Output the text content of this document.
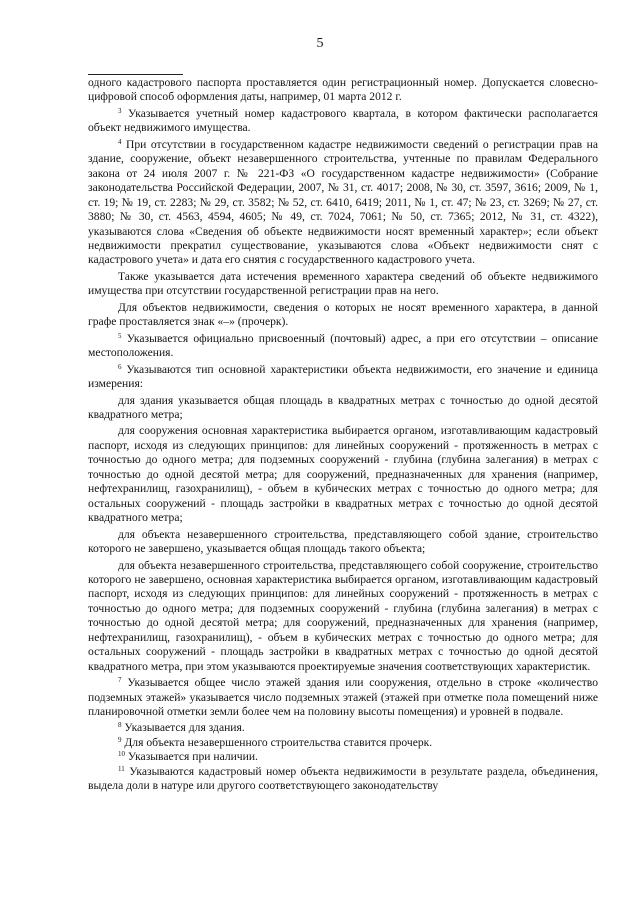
5

одного кадастрового паспорта проставляется один регистрационный номер. Допускается словесно-цифровой способ оформления даты, например, 01 марта 2012 г.

$^3$ Указывается учетный номер кадастрового квартала, в котором фактически располагается объект недвижимого имущества.

$^4$ При отсутствии в государственном кадастре недвижимости сведений о регистрации прав на здание, сооружение, объект незавершенного строительства, учтенные по правилам Федерального закона от 24 июля 2007 г. № 221-ФЗ «О государственном кадастре недвижимости» (Собрание законодательства Российской Федерации, 2007, № 31, ст. 4017; 2008, № 30, ст. 3597, 3616; 2009, № 1, ст. 19; № 19, ст. 2283; № 29, ст. 3582; № 52, ст. 6410, 6419; 2011, № 1, ст. 47; № 23, ст. 3269; № 27, ст. 3880; № 30, ст. 4563, 4594, 4605; № 49, ст. 7024, 7061; № 50, ст. 7365; 2012, № 31, ст. 4322), указываются слова «Сведения об объекте недвижимости носят временный характер»; если объект недвижимости прекратил существование, указываются слова «Объект недвижимости снят с кадастрового учета» и дата его снятия с государственного кадастрового учета.

Также указывается дата истечения временного характера сведений об объекте недвижимого имущества при отсутствии государственной регистрации прав на него.

Для объектов недвижимости, сведения о которых не носят временного характера, в данной графе проставляется знак «–» (прочерк).

$^5$ Указывается официально присвоенный (почтовый) адрес, а при его отсутствии – описание местоположения.

$^6$ Указываются тип основной характеристики объекта недвижимости, его значение и единица измерения:

для здания указывается общая площадь в квадратных метрах с точностью до одной десятой квадратного метра;

для сооружения основная характеристика выбирается органом, изготавливающим кадастровый паспорт, исходя из следующих принципов: для линейных сооружений - протяженность в метрах с точностью до одного метра; для подземных сооружений - глубина (глубина залегания) в метрах с точностью до одной десятой метра; для сооружений, предназначенных для хранения (например, нефтехранилищ, газохранилищ), - объем в кубических метрах с точностью до одного метра; для остальных сооружений - площадь застройки в квадратных метрах с точностью до одной десятой квадратного метра;

для объекта незавершенного строительства, представляющего собой здание, строительство которого не завершено, указывается общая площадь такого объекта;

для объекта незавершенного строительства, представляющего собой сооружение, строительство которого не завершено, основная характеристика выбирается органом, изготавливающим кадастровый паспорт, исходя из следующих принципов: для линейных сооружений - протяженность в метрах с точностью до одного метра; для подземных сооружений - глубина (глубина залегания) в метрах с точностью до одной десятой метра; для сооружений, предназначенных для хранения (например, нефтехранилищ, газохранилищ), - объем в кубических метрах с точностью до одного метра; для остальных сооружений - площадь застройки в квадратных метрах с точностью до одной десятой квадратного метра, при этом указываются проектируемые значения соответствующих характеристик.

$^7$ Указывается общее число этажей здания или сооружения, отдельно в строке «количество подземных этажей» указывается число подземных этажей (этажей при отметке пола помещений ниже планировочной отметки земли более чем на половину высоты помещения) и уровней в подвале.

$^8$ Указывается для здания.

$^9$ Для объекта незавершенного строительства ставится прочерк.

$^{10}$ Указывается при наличии.

$^{11}$ Указываются кадастровый номер объекта недвижимости в результате раздела, объединения, выдела доли в натуре или другого соответствующего законодательству
